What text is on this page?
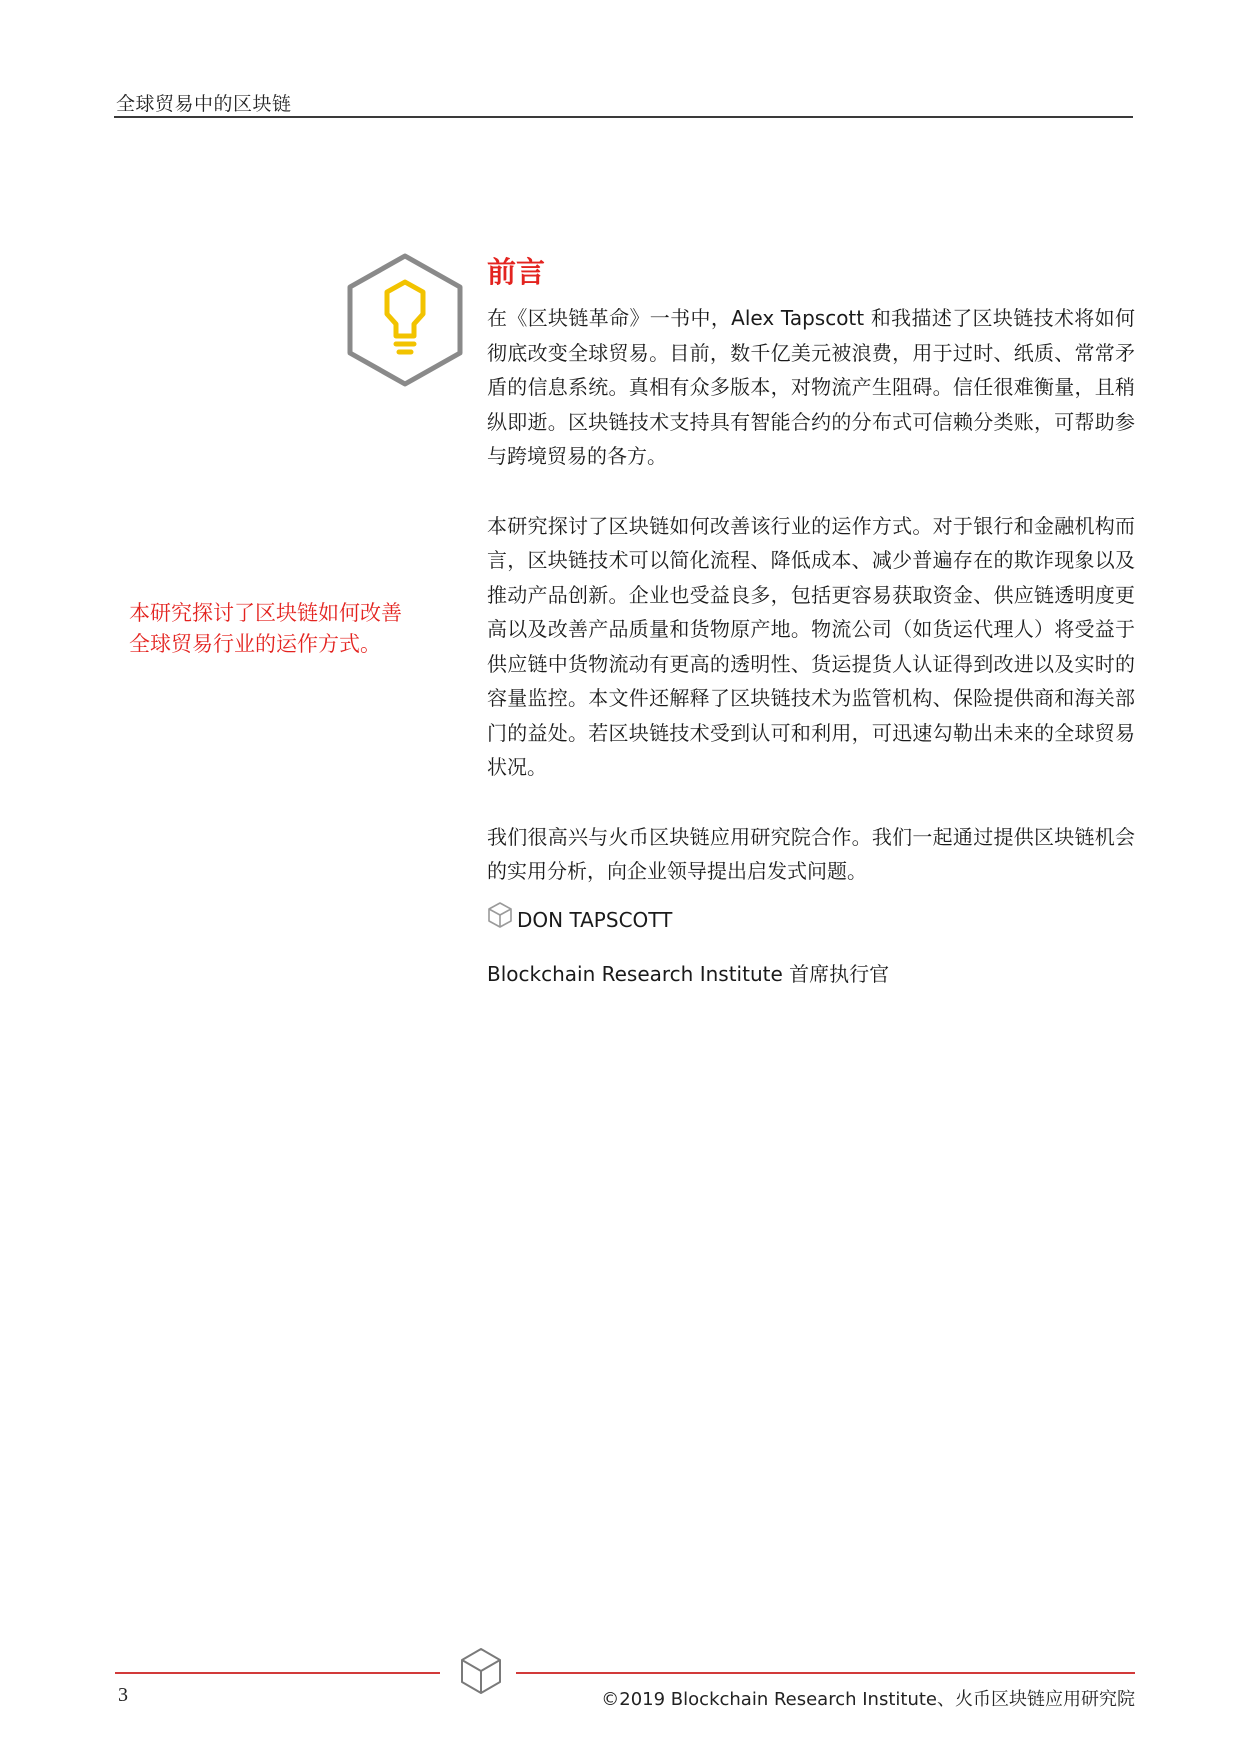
全球贸易中的区块链
前言

在《区块链革命》一书中，Alex Tapscott 和我描述了区块链技术将如何彻底改变全球贸易。目前，数千亿美元被浪费，用于过时、纸质、常常矛盾的信息系统。真相有众多版本，对物流产生阻碍。信任很难衡量，且稍纵即逝。区块链技术支持具有智能合约的分布式可信赖分类账，可帮助参与跨境贸易的各方。

本研究探讨了区块链如何改善该行业的运作方式。对于银行和金融机构而言，区块链技术可以简化流程、降低成本、减少普遍存在的欺诈现象以及推动产品创新。企业也受益良多，包括更容易获取资金、供应链透明度更高以及改善产品质量和货物原产地。物流公司（如货运代理人）将受益于供应链中货物流动有更高的透明性、货运提货人认证得到改进以及实时的容量监控。本文件还解释了区块链技术为监管机构、保险提供商和海关部门的益处。若区块链技术受到认可和利用，可迅速勾勒出未来的全球贸易状况。

我们很高兴与火币区块链应用研究院合作。我们一起通过提供区块链机会的实用分析，向企业领导提出启发式问题。

本研究探讨了区块链如何改善全球贸易行业的运作方式。

DON TAPSCOTT
Blockchain Research Institute 首席执行官
3	©2019 Blockchain Research Institute、火币区块链应用研究院
